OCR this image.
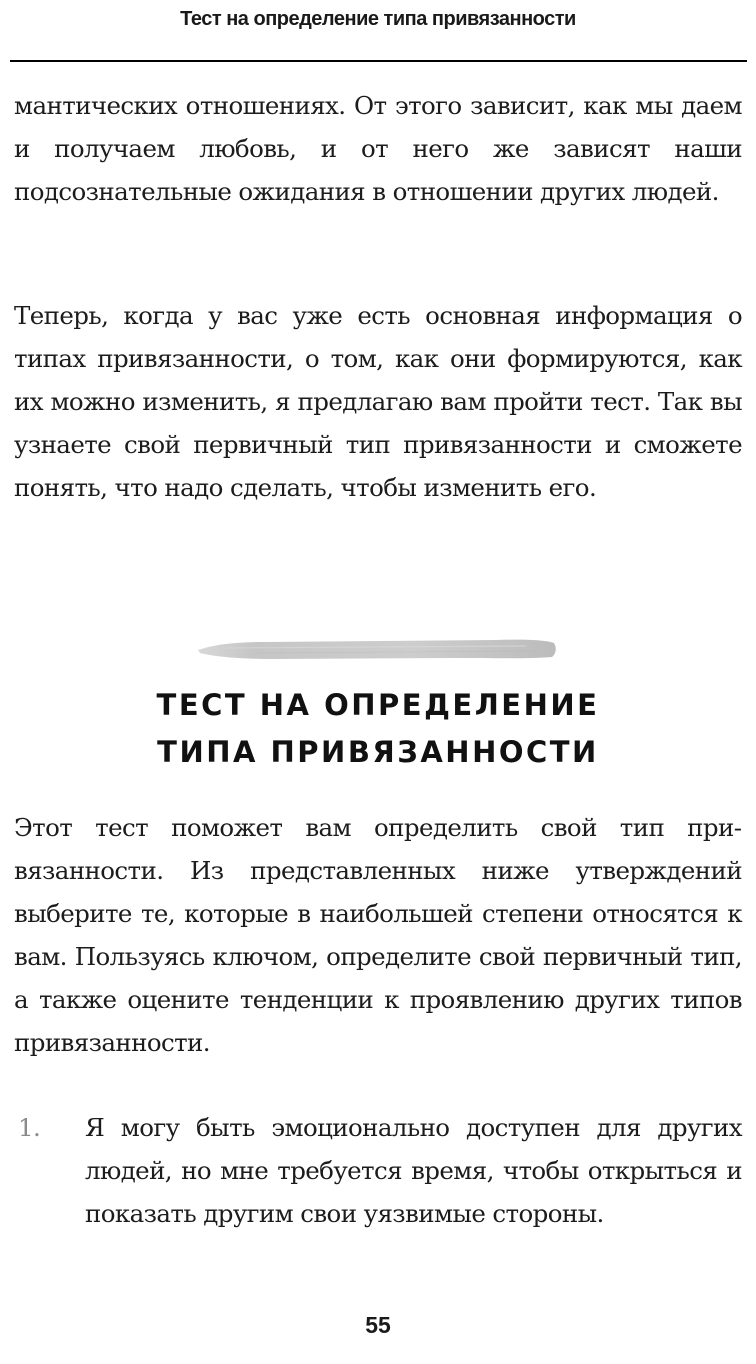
Тест на определение типа привязанности

мантических отношениях. От этого зависит, как мы даем и получаем любовь, и от него же зависят наши подсознательные ожидания в отношении других людей.

Теперь, когда у вас уже есть основная информация о типах привязанности, о том, как они формируются, как их можно изменить, я предлагаю вам пройти тест. Так вы узнаете свой первичный тип привязанности и сможете понять, что надо сделать, чтобы изменить его.

ТЕСТ НА ОПРЕДЕЛЕНИЕ
ТИПА ПРИВЯЗАННОСТИ

Этот тест поможет вам определить свой тип привязанности. Из представленных ниже утверждений выберите те, которые в наибольшей степени относятся к вам. Пользуясь ключом, определите свой первичный тип, а также оцените тенденции к проявлению других типов привязанности.

1. Я могу быть эмоционально доступен для других людей, но мне требуется время, чтобы открыться и показать другим свои уязвимые стороны.

55
